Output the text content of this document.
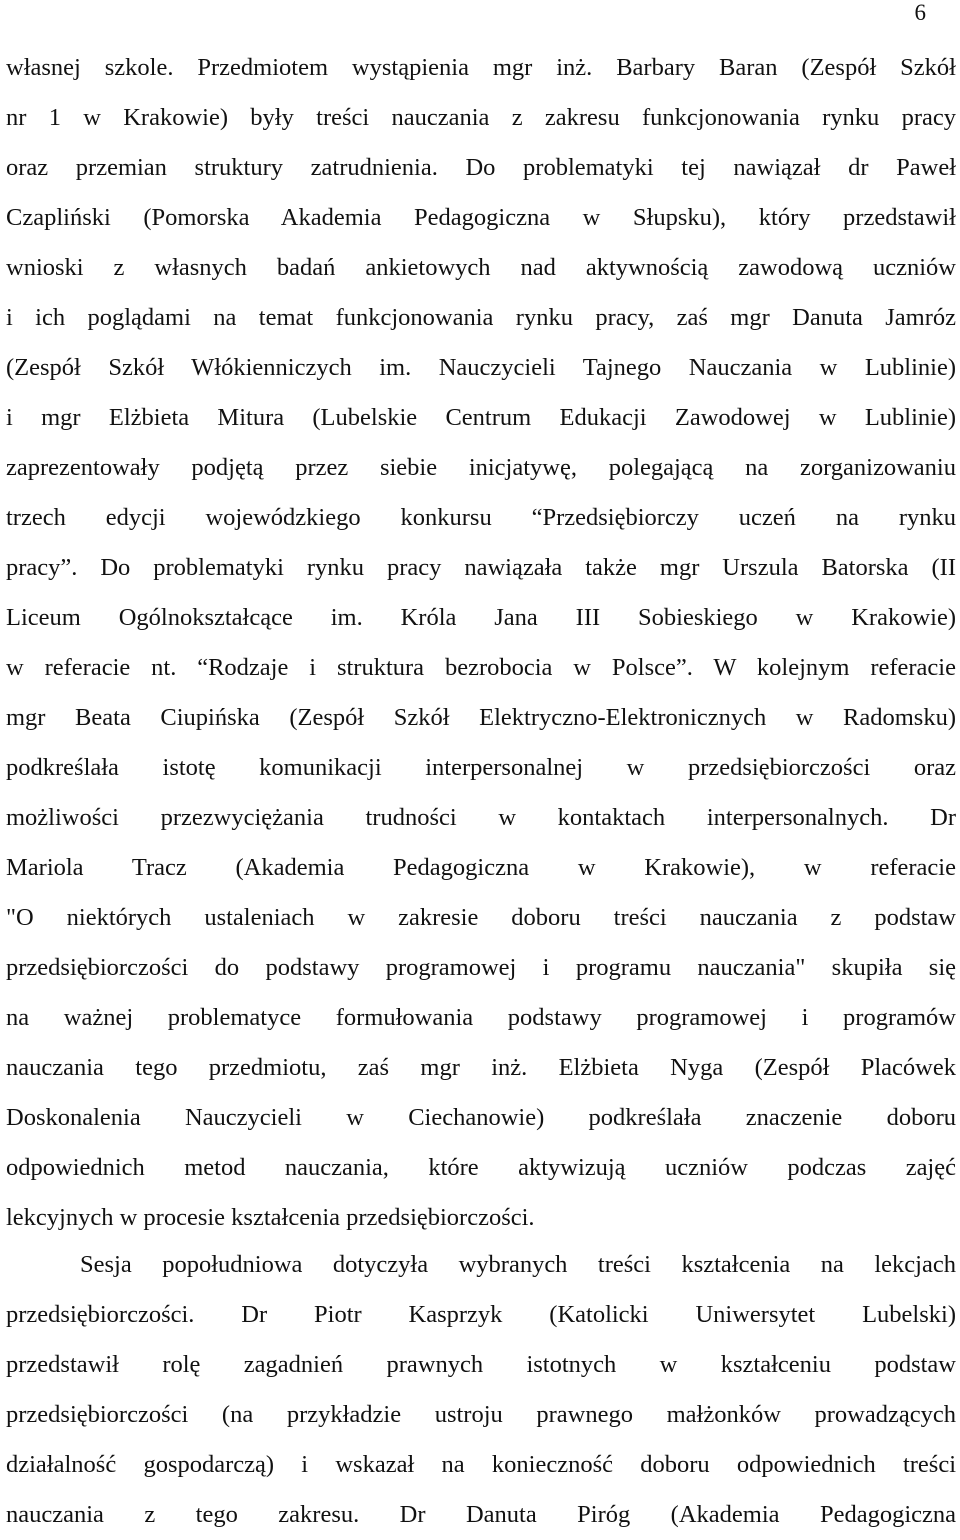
6
własnej szkole. Przedmiotem wystąpienia mgr inż. Barbary Baran (Zespół Szkół
nr 1 w Krakowie) były treści nauczania z zakresu funkcjonowania rynku pracy
oraz przemian struktury zatrudnienia. Do problematyki tej nawiązał dr Paweł
Czapliński (Pomorska Akademia Pedagogiczna w Słupsku), który przedstawił
wnioski z własnych badań ankietowych nad aktywnością zawodową uczniów
i ich poglądami na temat funkcjonowania rynku pracy, zaś mgr Danuta Jamróz
(Zespół Szkół Włókienniczych im. Nauczycieli Tajnego Nauczania w Lublinie)
i mgr Elżbieta Mitura (Lubelskie Centrum Edukacji Zawodowej w Lublinie)
zaprezentowały podjętą przez siebie inicjatywę, polegającą na zorganizowaniu
trzech edycji wojewódzkiego konkursu “Przedsiębiorczy uczeń na rynku
pracy”. Do problematyki rynku pracy nawiązała także mgr Urszula Batorska (II
Liceum Ogólnokształcące im. Króla Jana III Sobieskiego w Krakowie)
w referacie nt. “Rodzaje i struktura bezrobocia w Polsce”. W kolejnym referacie
mgr Beata Ciupińska (Zespół Szkół Elektryczno-Elektronicznych w Radomsku)
podkreślała istotę komunikacji interpersonalnej w przedsiębiorczości oraz
możliwości przezwyciężania trudności w kontaktach interpersonalnych. Dr
Mariola Tracz (Akademia Pedagogiczna w Krakowie), w referacie
"O niektórych ustaleniach w zakresie doboru treści nauczania z podstaw
przedsiębiorczości do podstawy programowej i programu nauczania" skupiła się
na ważnej problematyce formułowania podstawy programowej i programów
nauczania tego przedmiotu, zaś mgr inż. Elżbieta Nyga (Zespół Placówek
Doskonalenia Nauczycieli w Ciechanowie) podkreślała znaczenie doboru
odpowiednich metod nauczania, które aktywizują uczniów podczas zajęć
lekcyjnych w procesie kształcenia przedsiębiorczości.
Sesja popołudniowa dotyczyła wybranych treści kształcenia na lekcjach
przedsiębiorczości. Dr Piotr Kasprzyk (Katolicki Uniwersytet Lubelski)
przedstawił rolę zagadnień prawnych istotnych w kształceniu podstaw
przedsiębiorczości (na przykładzie ustroju prawnego małżonków prowadzących
działalność gospodarczą) i wskazał na konieczność doboru odpowiednich treści
nauczania z tego zakresu. Dr Danuta Piróg (Akademia Pedagogiczna
